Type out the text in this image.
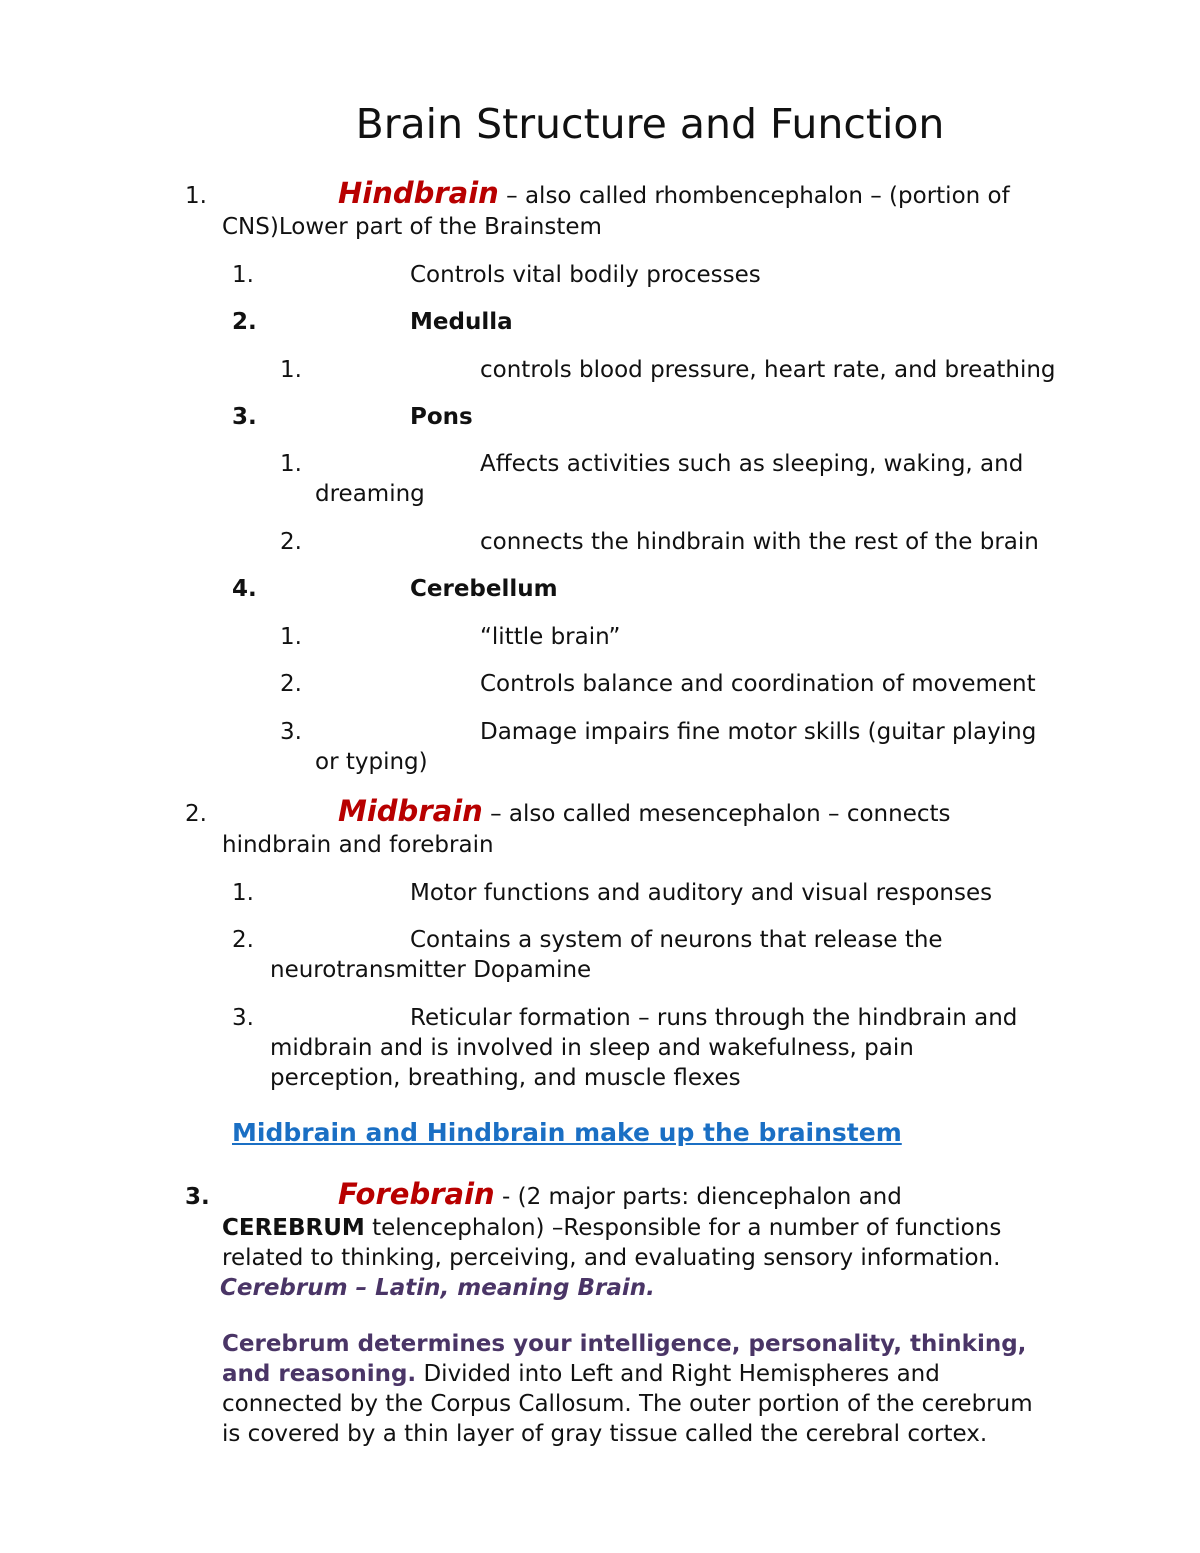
Brain Structure and Function
1.	Hindbrain – also called rhombencephalon – (portion of
CNS)Lower part of the Brainstem
1.	Controls vital bodily processes
2.	Medulla
1.	controls blood pressure, heart rate, and breathing
3.	Pons
1.	Affects activities such as sleeping, waking, and
dreaming
2.	connects the hindbrain with the rest of the brain
4.	Cerebellum
1.	“little brain”
2.	Controls balance and coordination of movement
3.	Damage impairs fine motor skills (guitar playing
or typing)
2.	Midbrain – also called mesencephalon – connects
hindbrain and forebrain
1.	Motor functions and auditory and visual responses
2.	Contains a system of neurons that release the
neurotransmitter Dopamine
3.	Reticular formation – runs through the hindbrain and
midbrain and is involved in sleep and wakefulness, pain
perception, breathing, and muscle flexes
Midbrain and Hindbrain make up the brainstem
3.	Forebrain - (2 major parts: diencephalon and
CEREBRUM telencephalon) –Responsible for a number of functions
related to thinking, perceiving, and evaluating sensory information.
Cerebrum – Latin, meaning Brain.
Cerebrum determines your intelligence, personality, thinking,
and reasoning. Divided into Left and Right Hemispheres and
connected by the Corpus Callosum. The outer portion of the cerebrum
is covered by a thin layer of gray tissue called the cerebral cortex.
